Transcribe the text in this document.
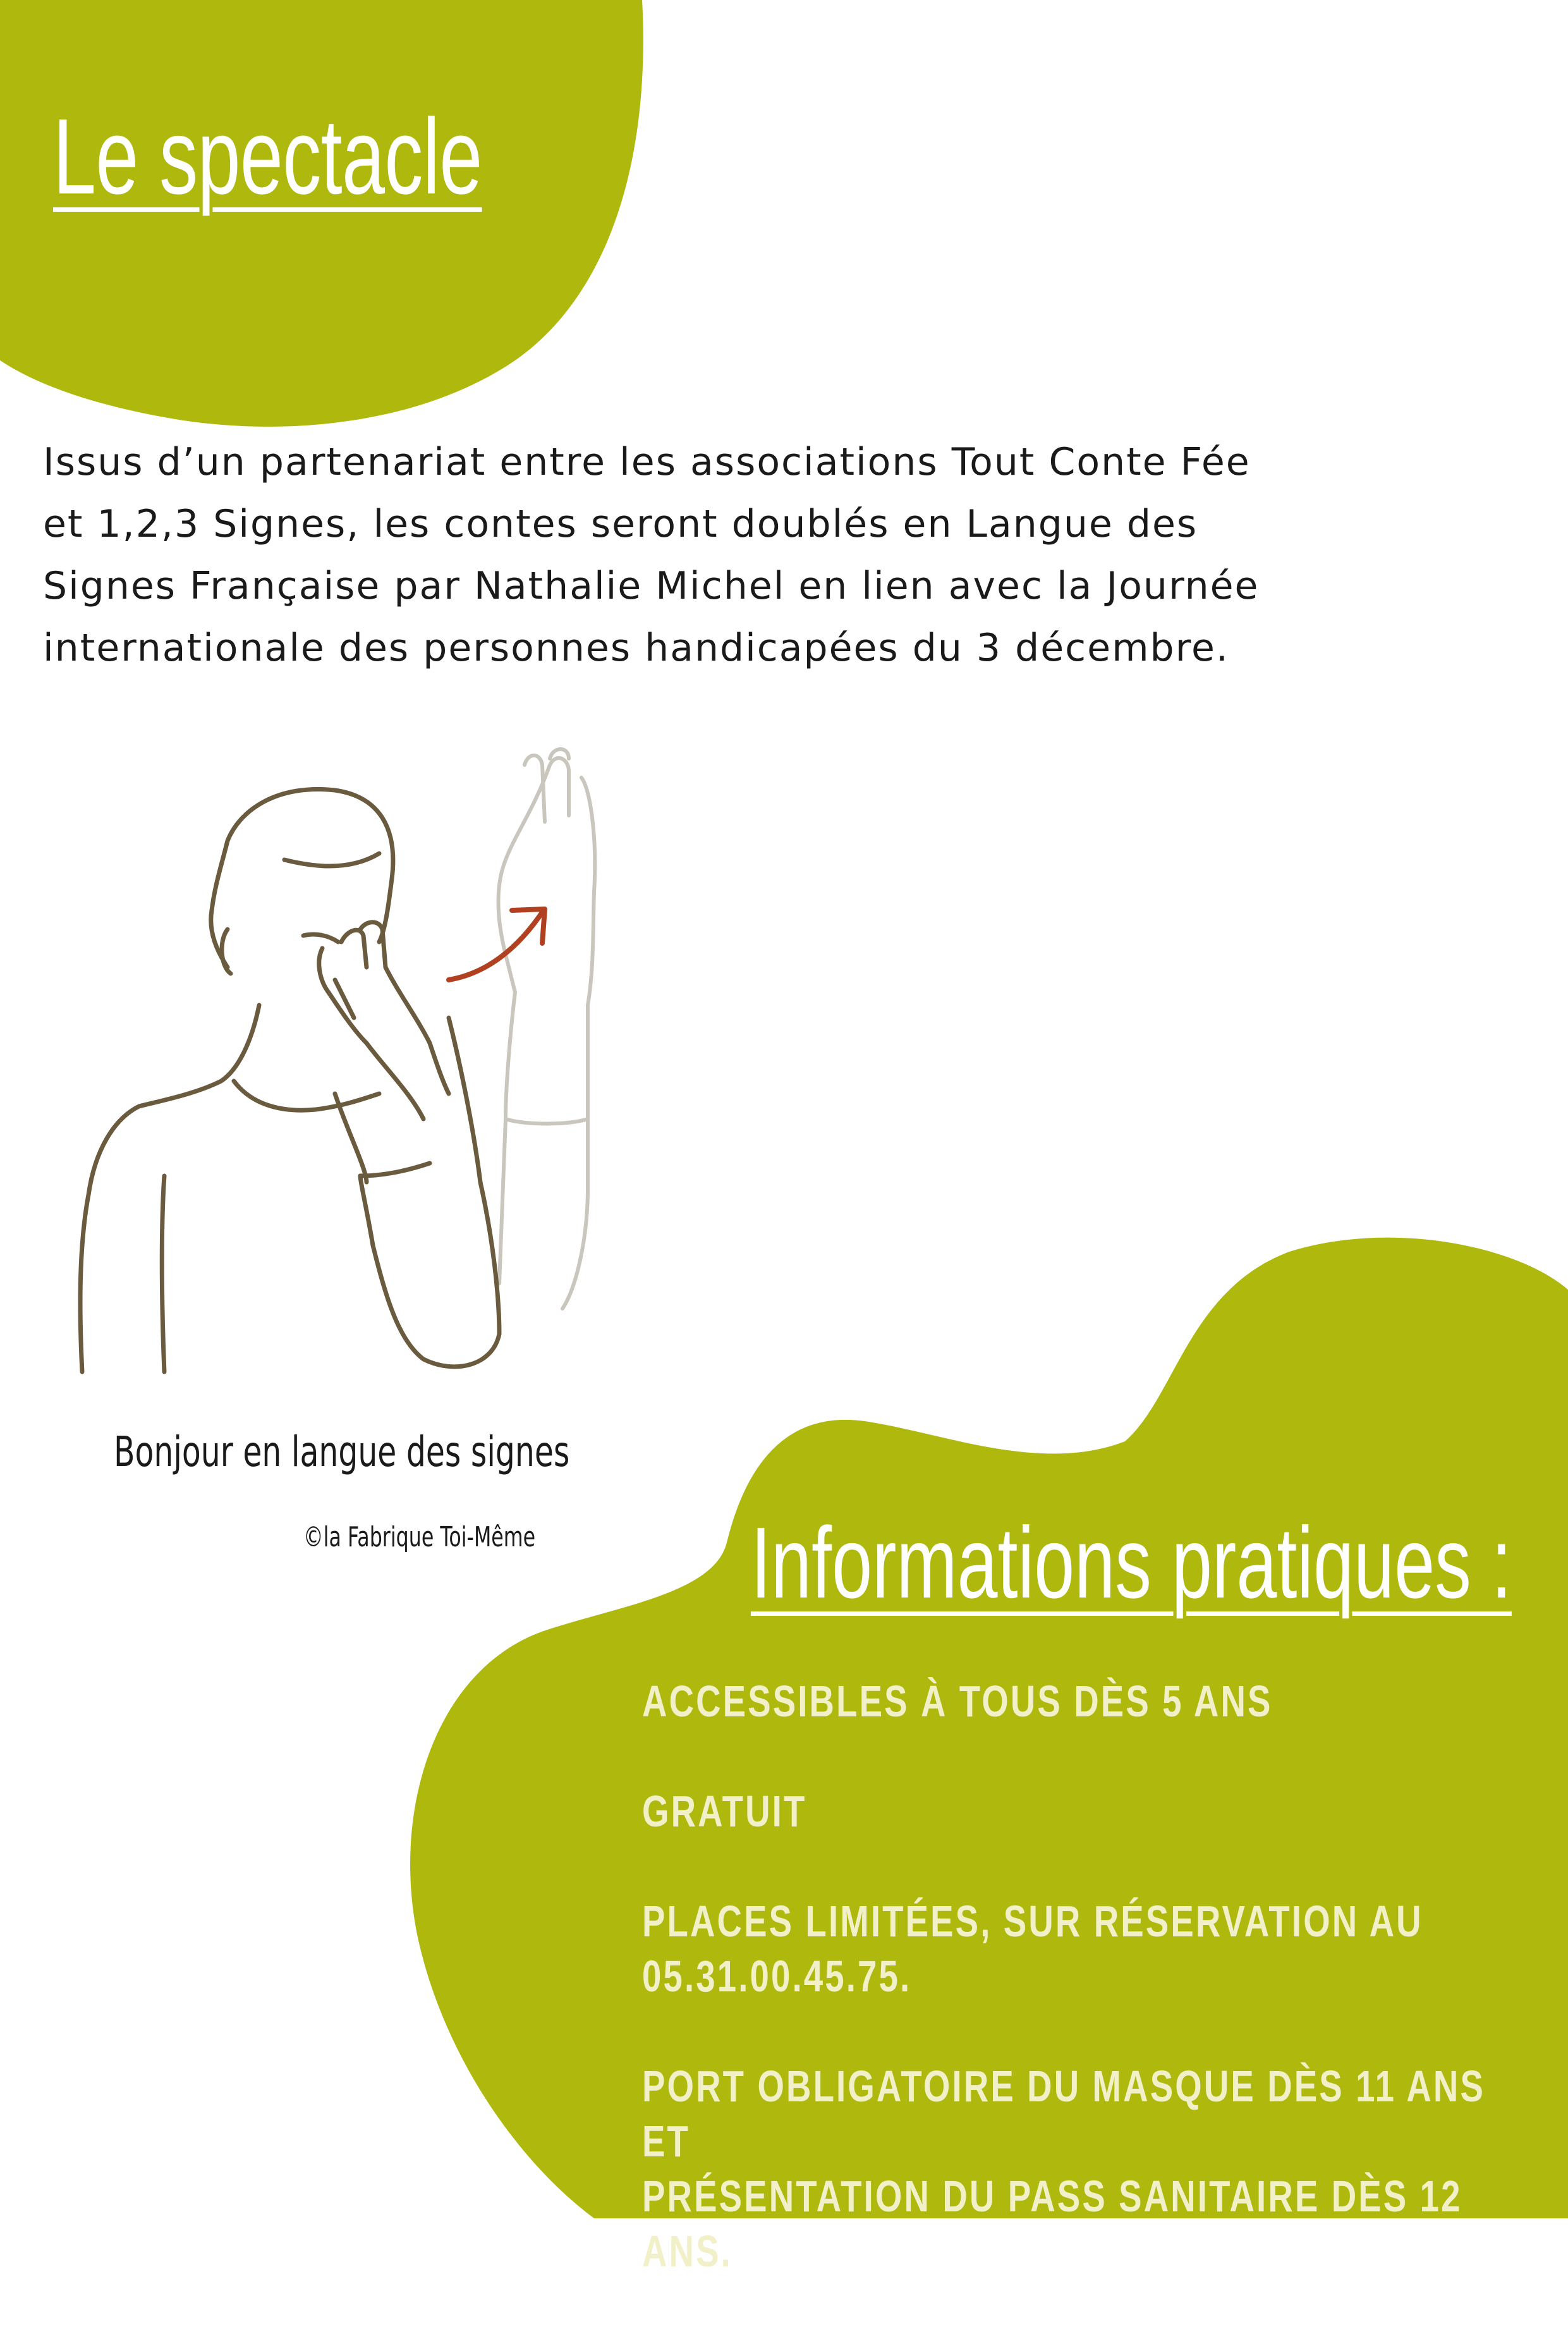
Le spectacle

Issus d’un partenariat entre les associations Tout Conte Fée
et 1,2,3 Signes, les contes seront doublés en Langue des
Signes Française par Nathalie Michel en lien avec la Journée
internationale des personnes handicapées du 3 décembre.

Bonjour en langue des signes

©la Fabrique Toi-Même Informations pratiques :
ACCESSIBLES À TOUS DÈS 5 ANS
GRATUIT
PLACES LIMITÉES, SUR RÉSERVATION AU
05.31.00.45.75.
PORT OBLIGATOIRE DU MASQUE DÈS 11 ANS ET
PRÉSENTATION DU PASS SANITAIRE DÈS 12 ANS.
